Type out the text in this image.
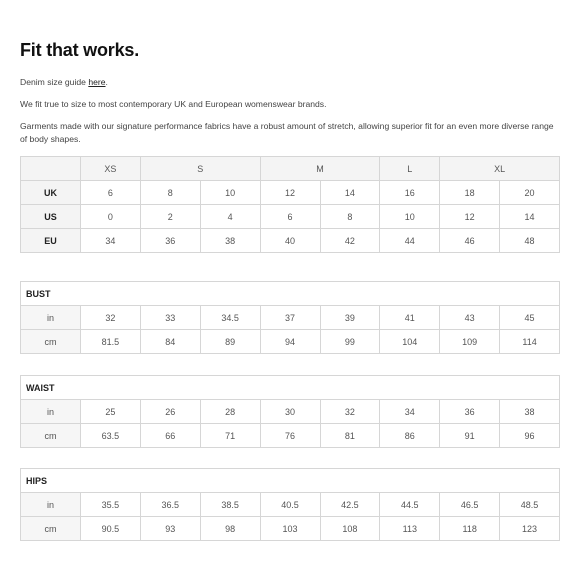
Fit that works.

Denim size guide here.

We fit true to size to most contemporary UK and European womenswear brands.

Garments made with our signature performance fabrics have a robust amount of stretch, allowing superior fit for an even more diverse range of body shapes.

	XS	S		M		L	XL	
UK	6	8	10	12	14	16	18	20
US	0	2	4	6	8	10	12	14
EU	34	36	38	40	42	44	46	48
BUST								
in	32	33	34.5	37	39	41	43	45
cm	81.5	84	89	94	99	104	109	114
WAIST								
in	25	26	28	30	32	34	36	38
cm	63.5	66	71	76	81	86	91	96
HIPS								
in	35.5	36.5	38.5	40.5	42.5	44.5	46.5	48.5
cm	90.5	93	98	103	108	113	118	123
